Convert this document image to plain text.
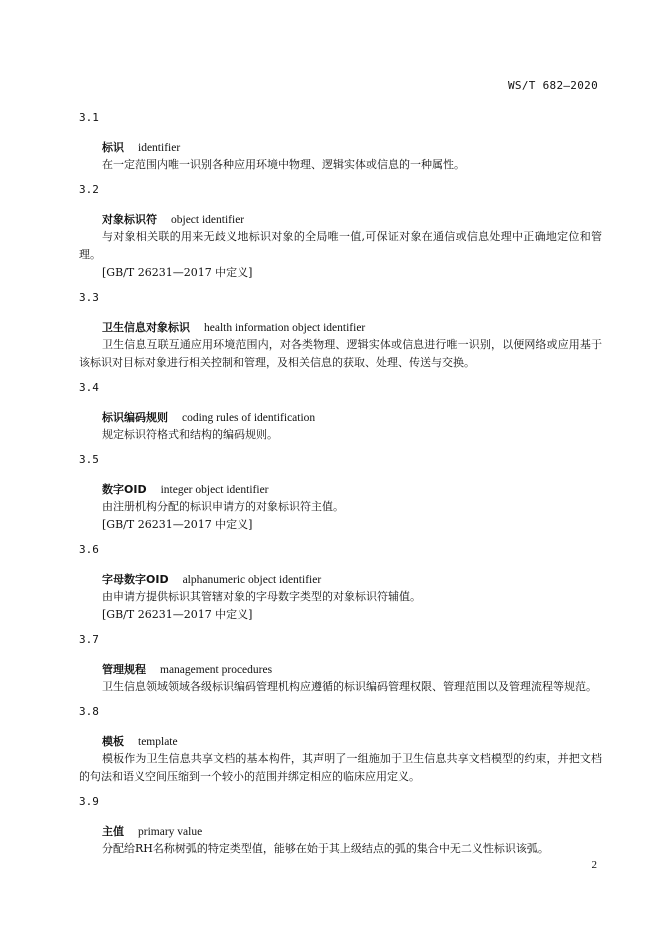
WS/T 682—2020
3.1
标识 identifier
在一定范围内唯一识别各种应用环境中物理、逻辑实体或信息的一种属性。
3.2
对象标识符 object identifier
与对象相关联的用来无歧义地标识对象的全局唯一值,可保证对象在通信或信息处理中正确地定位和管理。
[GB/T 26231—2017 中定义]
3.3
卫生信息对象标识 health information object identifier
卫生信息互联互通应用环境范围内，对各类物理、逻辑实体或信息进行唯一识别，以便网络或应用基于该标识对目标对象进行相关控制和管理，及相关信息的获取、处理、传送与交换。
3.4
标识编码规则 coding rules of identification
规定标识符格式和结构的编码规则。
3.5
数字OID integer object identifier
由注册机构分配的标识申请方的对象标识符主值。
[GB/T 26231—2017 中定义]
3.6
字母数字OID alphanumeric object identifier
由申请方提供标识其管辖对象的字母数字类型的对象标识符辅值。
[GB/T 26231—2017 中定义]
3.7
管理规程 management procedures
卫生信息领域领域各级标识编码管理机构应遵循的标识编码管理权限、管理范围以及管理流程等规范。
3.8
模板 template
模板作为卫生信息共享文档的基本构件，其声明了一组施加于卫生信息共享文档模型的约束，并把文档的句法和语义空间压缩到一个较小的范围并绑定相应的临床应用定义。
3.9
主值 primary value
分配给RH名称树弧的特定类型值，能够在始于其上级结点的弧的集合中无二义性标识该弧。
2
